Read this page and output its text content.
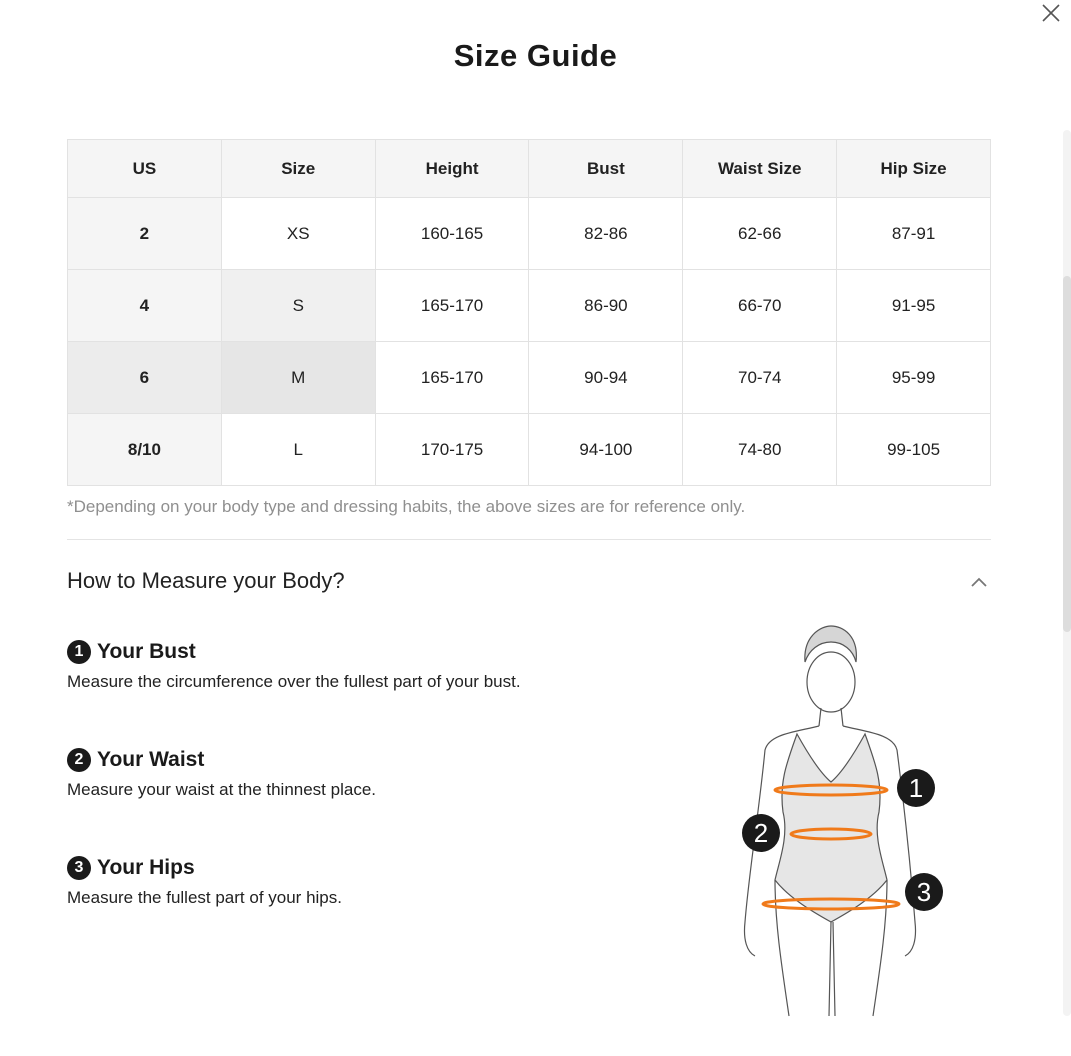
Size Guide
US	Size	Height	Bust	Waist Size	Hip Size
2	XS	160-165	82-86	62-66	87-91
4	S	165-170	86-90	66-70	91-95
6	M	165-170	90-94	70-74	95-99
8/10	L	170-175	94-100	74-80	99-105
*Depending on your body type and dressing habits, the above sizes are for reference only.
How to Measure your Body?
1 Your Bust
Measure the circumference over the fullest part of your bust.
2 Your Waist
Measure your waist at the thinnest place.
3 Your Hips
Measure the fullest part of your hips.
1
2
3
